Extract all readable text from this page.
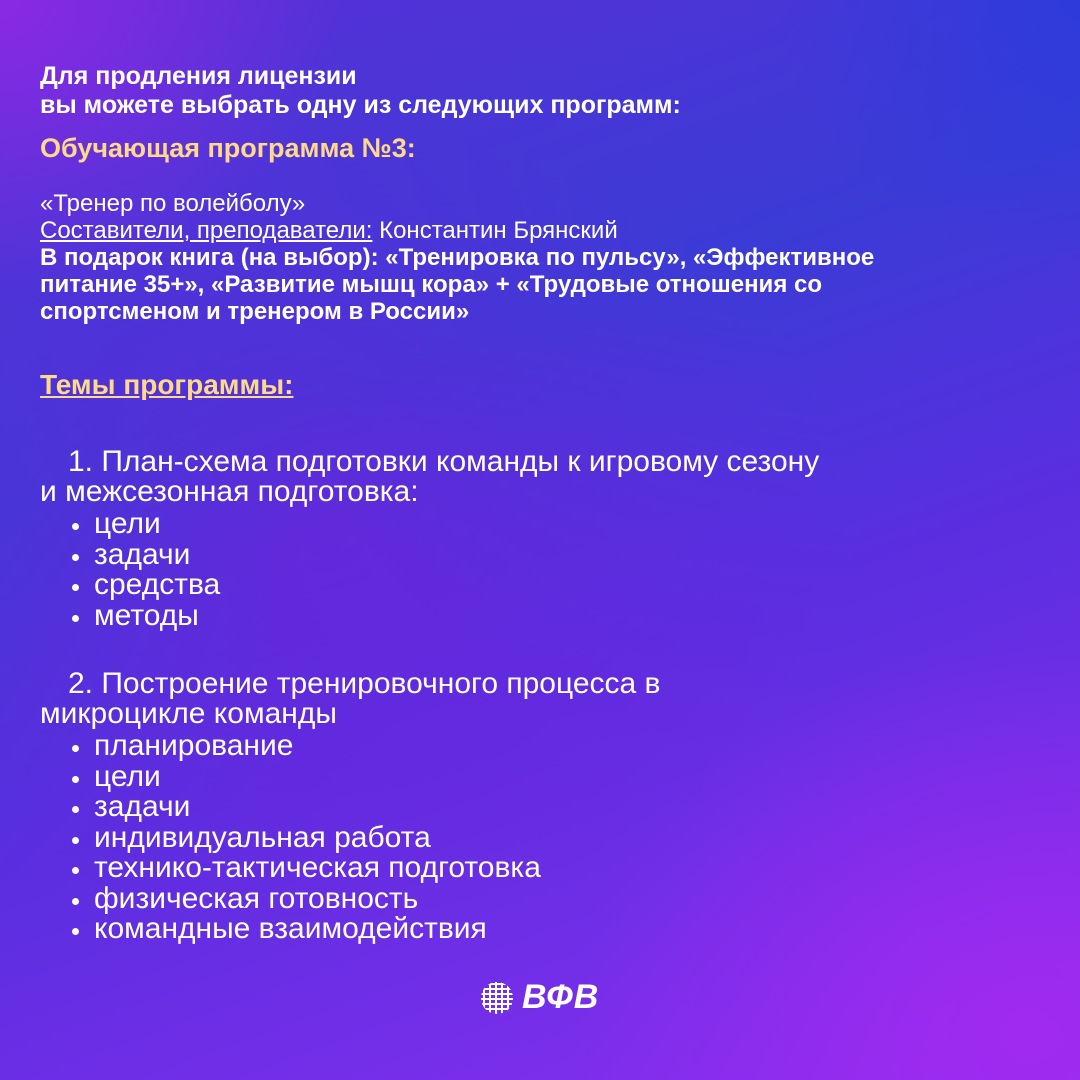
Для продления лицензии
вы можете выбрать одну из следующих программ:

Обучающая программа №3:
«Тренер по волейболу»
Составители, преподаватели: Константин Брянский
В подарок книга (на выбор): «Тренировка по пульсу», «Эффективное
питание 35+», «Развитие мышц кора» + «Трудовые отношения со
спортсменом и тренером в России»
Темы программы:
1. План-схема подготовки команды к игровому сезону
и межсезонная подготовка:
цели
задачи
средства
методы
2. Построение тренировочного процесса в
микроцикле команды
планирование
цели
задачи
индивидуальная работа
технико-тактическая подготовка
физическая готовность
командные взаимодействия
ВФВ
